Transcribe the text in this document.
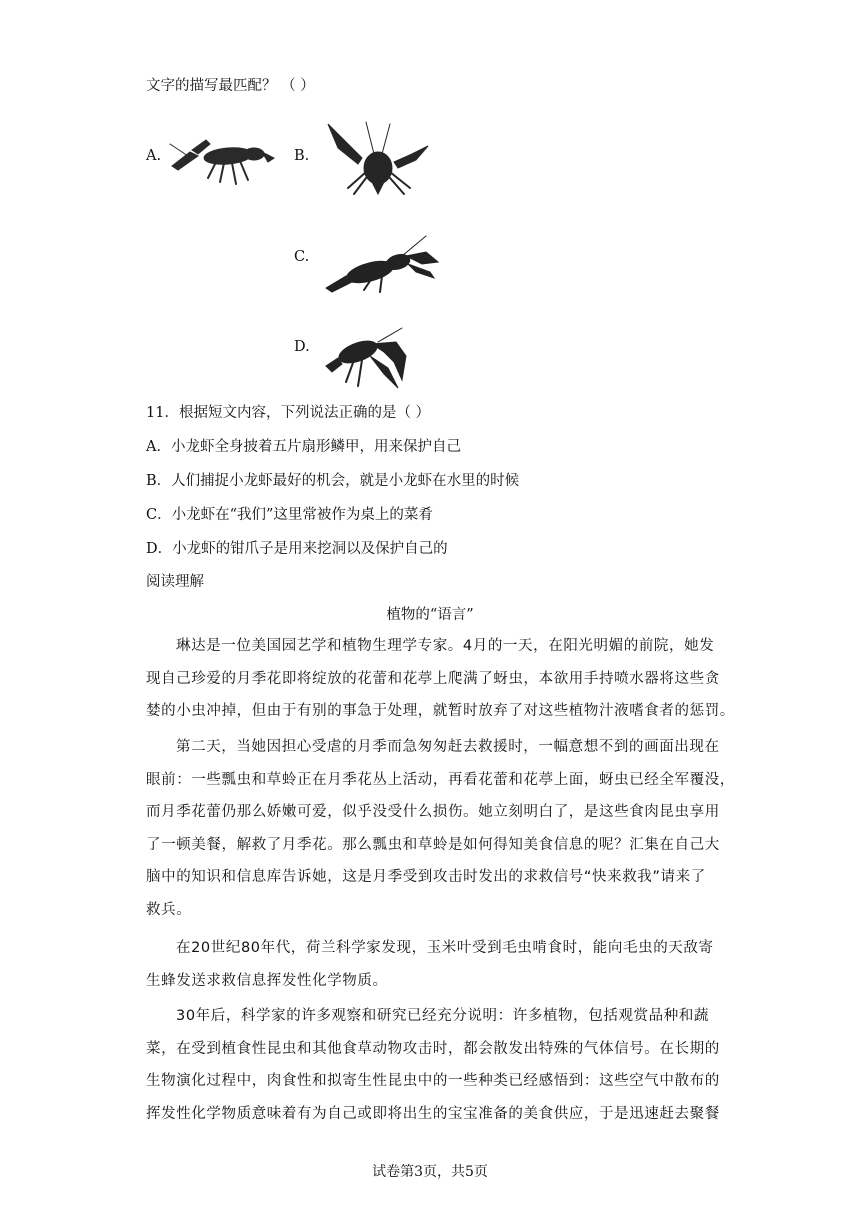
文字的描写最匹配？ （ ）
A.	B.
C.
D.
11．根据短文内容，下列说法正确的是（ ）
A．小龙虾全身披着五片扇形鳞甲，用来保护自己
B．人们捕捉小龙虾最好的机会，就是小龙虾在水里的时候
C．小龙虾在“我们”这里常被作为桌上的菜肴
D．小龙虾的钳爪子是用来挖洞以及保护自己的
阅读理解
植物的“语言”
琳达是一位美国园艺学和植物生理学专家。4月的一天，在阳光明媚的前院，她发
现自己珍爱的月季花即将绽放的花蕾和花葶上爬满了蚜虫，本欲用手持喷水器将这些贪
婪的小虫冲掉，但由于有别的事急于处理，就暂时放弃了对这些植物汁液嗜食者的惩罚。
第二天，当她因担心受虐的月季而急匆匆赶去救援时，一幅意想不到的画面出现在
眼前：一些瓢虫和草蛉正在月季花丛上活动，再看花蕾和花葶上面，蚜虫已经全军覆没，
而月季花蕾仍那么娇嫩可爱，似乎没受什么损伤。她立刻明白了，是这些食肉昆虫享用
了一顿美餐，解救了月季花。那么瓢虫和草蛉是如何得知美食信息的呢？汇集在自己大
脑中的知识和信息库告诉她，这是月季受到攻击时发出的求救信号“快来救我”请来了
救兵。
在20世纪80年代，荷兰科学家发现，玉米叶受到毛虫啃食时，能向毛虫的天敌寄
生蜂发送求救信息挥发性化学物质。
30年后，科学家的许多观察和研究已经充分说明：许多植物，包括观赏品种和蔬
菜，在受到植食性昆虫和其他食草动物攻击时，都会散发出特殊的气体信号。在长期的
生物演化过程中，肉食性和拟寄生性昆虫中的一些种类已经感悟到：这些空气中散布的
挥发性化学物质意味着有为自己或即将出生的宝宝准备的美食供应，于是迅速赶去聚餐
试卷第3页，共5页
